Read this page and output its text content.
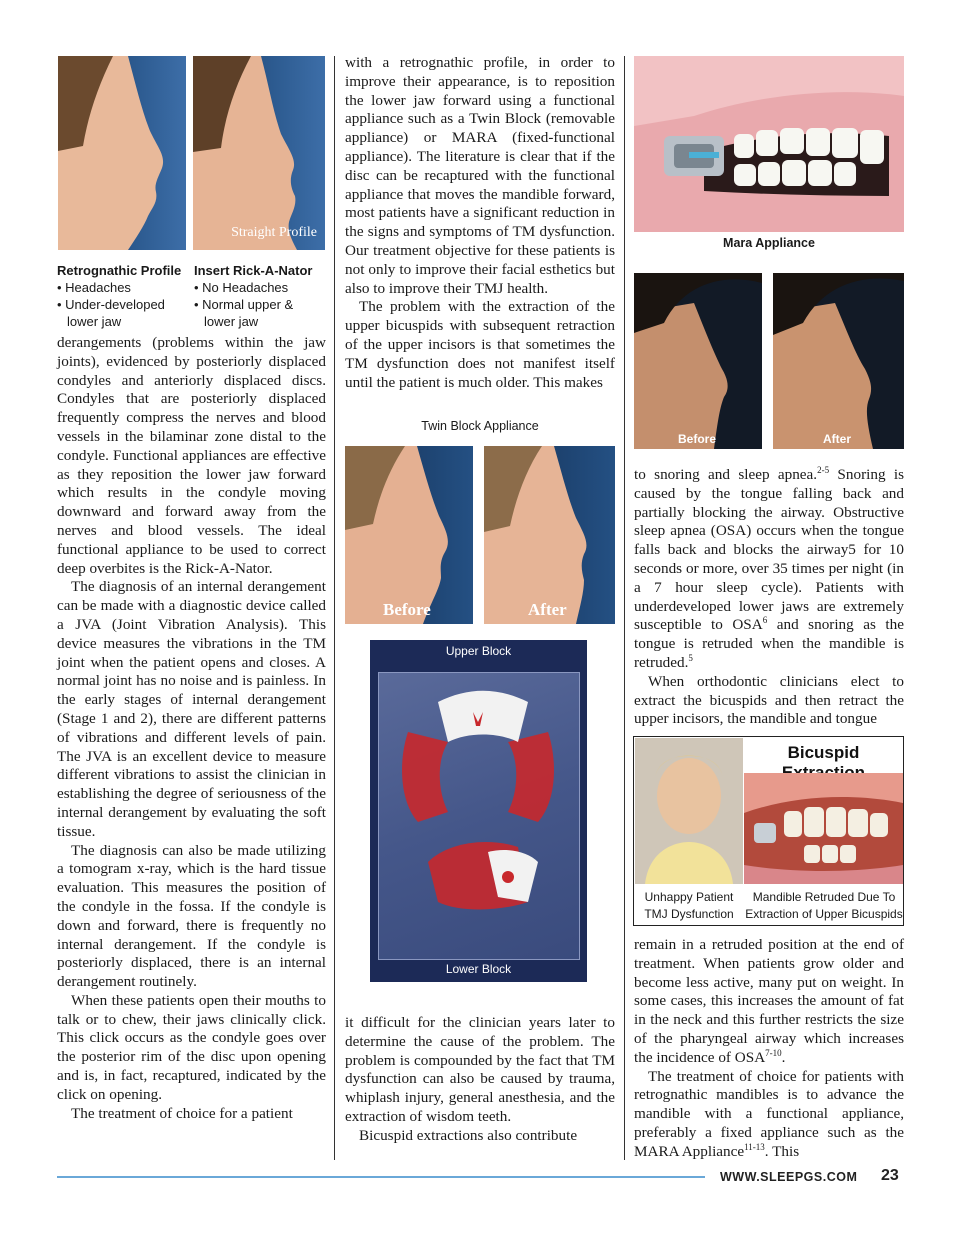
Straight Profile
Retrognathic Profile
• Headaches
• Under-developed
lower jaw
Insert Rick-A-Nator
• No Headaches
• Normal upper &
lower jaw

derangements (problems within the jaw joints), evidenced by posteriorly displaced condyles and anteriorly displaced discs. Condyles that are posteriorly displaced frequently compress the nerves and blood vessels in the bilaminar zone distal to the condyle. Functional appliances are effective as they reposition the lower jaw forward which results in the condyle moving downward and forward away from the nerves and blood vessels. The ideal functional appliance to be used to correct deep overbites is the Rick-A-Nator.

The diagnosis of an internal derangement can be made with a diagnostic device called a JVA (Joint Vibration Analysis). This device measures the vibrations in the TM joint when the patient opens and closes. A normal joint has no noise and is painless. In the early stages of internal derangement (Stage 1 and 2), there are different patterns of vibrations and different levels of pain. The JVA is an excellent device to measure different vibrations to assist the clinician in establishing the degree of seriousness of the internal derangement by evaluating the soft tissue.

The diagnosis can also be made utilizing a tomogram x-ray, which is the hard tissue evaluation. This measures the position of the condyle in the fossa. If the condyle is down and forward, there is frequently no internal derangement. If the condyle is posteriorly displaced, there is an internal derangement routinely.

When these patients open their mouths to talk or to chew, their jaws clinically click. This click occurs as the condyle goes over the posterior rim of the disc upon opening and is, in fact, recaptured, indicated by the click on opening.

The treatment of choice for a patient

with a retrognathic profile, in order to improve their appearance, is to reposition the lower jaw forward using a functional appliance such as a Twin Block (removable appliance) or MARA (fixed-functional appliance). The literature is clear that if the disc can be recaptured with the functional appliance that moves the mandible forward, most patients have a significant reduction in the signs and symptoms of TM dysfunction. Our treatment objective for these patients is not only to improve their facial esthetics but also to improve their TMJ health.

The problem with the extraction of the upper bicuspids with subsequent retraction of the upper incisors is that sometimes the TM dysfunction does not manifest itself until the patient is much older. This makes

Twin Block Appliance
Before	After
Upper Block
Lower Block

it difficult for the clinician years later to determine the cause of the problem. The problem is compounded by the fact that TM dysfunction can also be caused by trauma, whiplash injury, general anesthesia, and the extraction of wisdom teeth.

Bicuspid extractions also contribute

Mara Appliance
Before	After

to snoring and sleep apnea.$^{2-5}$ Snoring is caused by the tongue falling back and partially blocking the airway. Obstructive sleep apnea (OSA) occurs when the tongue falls back and blocks the airway5 for 10 seconds or more, over 35 times per night (in a 7 hour sleep cycle). Patients with underdeveloped lower jaws are extremely susceptible to OSA$^6$ and snoring as the tongue is retruded when the mandible is retruded.$^5$

When orthodontic clinicians elect to extract the bicuspids and then retract the upper incisors, the mandible and tongue

Bicuspid
Unhappy Patient
TMJ Dysfunction
Mandible Retruded Due To
Extraction of Upper Bicuspids

remain in a retruded position at the end of treatment. When patients grow older and become less active, many put on weight. In some cases, this increases the amount of fat in the neck and this further restricts the size of the pharyngeal airway which increases the incidence of OSA$^{7-10}$.

The treatment of choice for patients with retrognathic mandibles is to advance the mandible with a functional appliance, preferably a fixed appliance such as the MARA Appliance$^{11-13}$. This

WWW.SLEEPGS.COM 23
